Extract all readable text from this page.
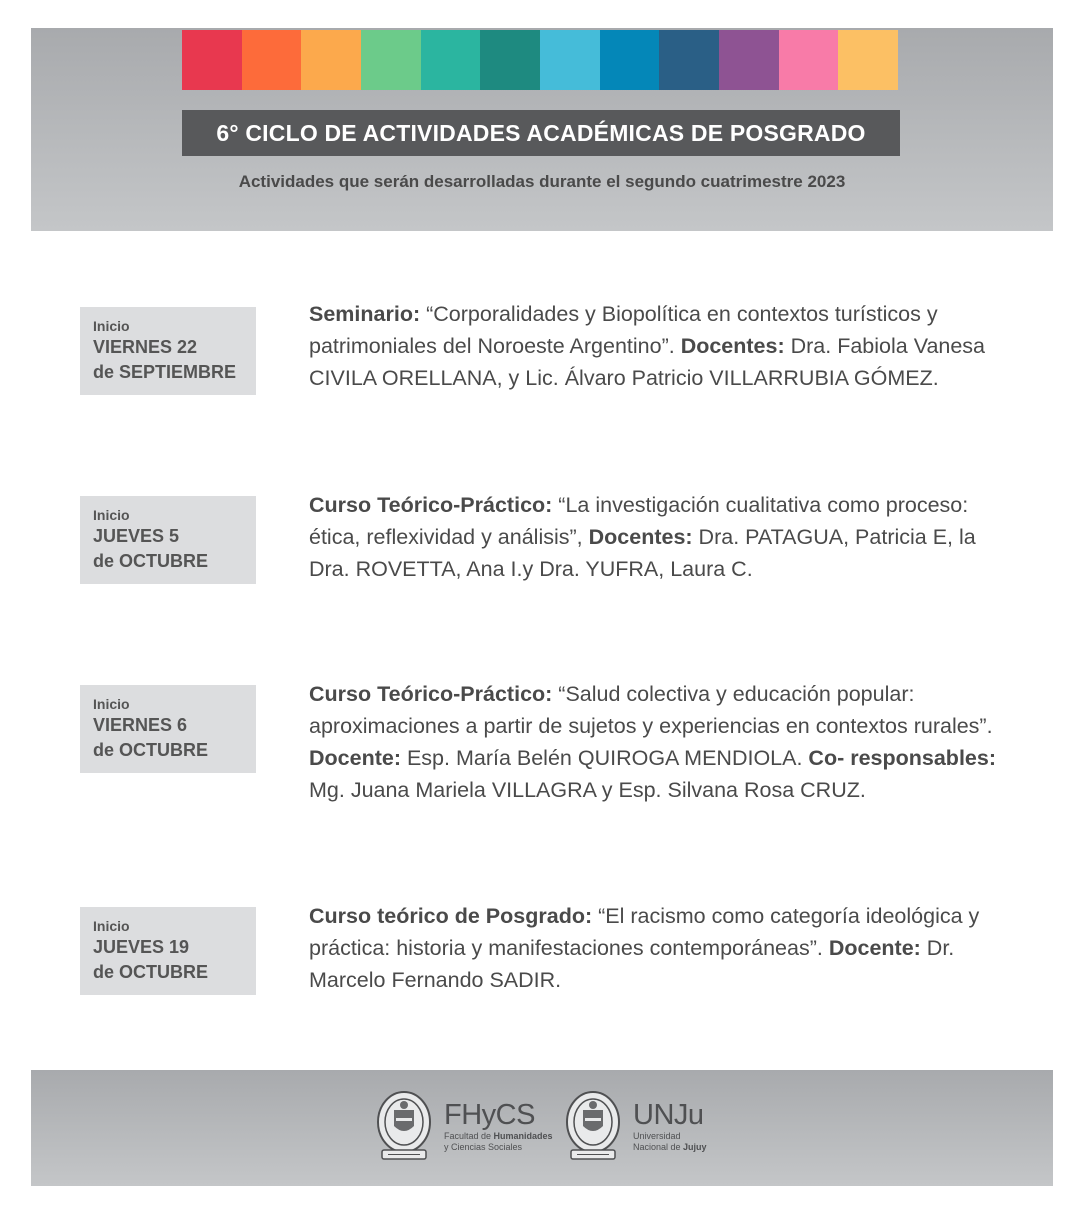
6° CICLO DE ACTIVIDADES ACADÉMICAS DE POSGRADO
Actividades que serán desarrolladas durante el segundo cuatrimestre 2023
Inicio
VIERNES 22
de SEPTIEMBRE
Seminario: “Corporalidades y Biopolítica en contextos turísticos y patrimoniales del Noroeste Argentino”. Docentes: Dra. Fabiola Vanesa CIVILA ORELLANA, y Lic. Álvaro Patricio VILLARRUBIA GÓMEZ.
Inicio
JUEVES 5
de OCTUBRE
Curso Teórico-Práctico: “La investigación cualitativa como proceso: ética, reflexividad y análisis”, Docentes: Dra. PATAGUA, Patricia E, la Dra. ROVETTA, Ana I.y Dra. YUFRA, Laura C.
Inicio
VIERNES 6
de OCTUBRE
Curso Teórico-Práctico: “Salud colectiva y educación popular: aproximaciones a partir de sujetos y experiencias en contextos rurales”. Docente: Esp. María Belén QUIROGA MENDIOLA. Co- responsables: Mg. Juana Mariela VILLAGRA y Esp. Silvana Rosa CRUZ.
Inicio
JUEVES 19
de OCTUBRE
Curso teórico de Posgrado: “El racismo como categoría ideológica y práctica: historia y manifestaciones contemporáneas”. Docente: Dr. Marcelo Fernando SADIR.
FHyCS
Facultad de Humanidades
y Ciencias Sociales
UNJu
Universidad
Nacional de Jujuy
